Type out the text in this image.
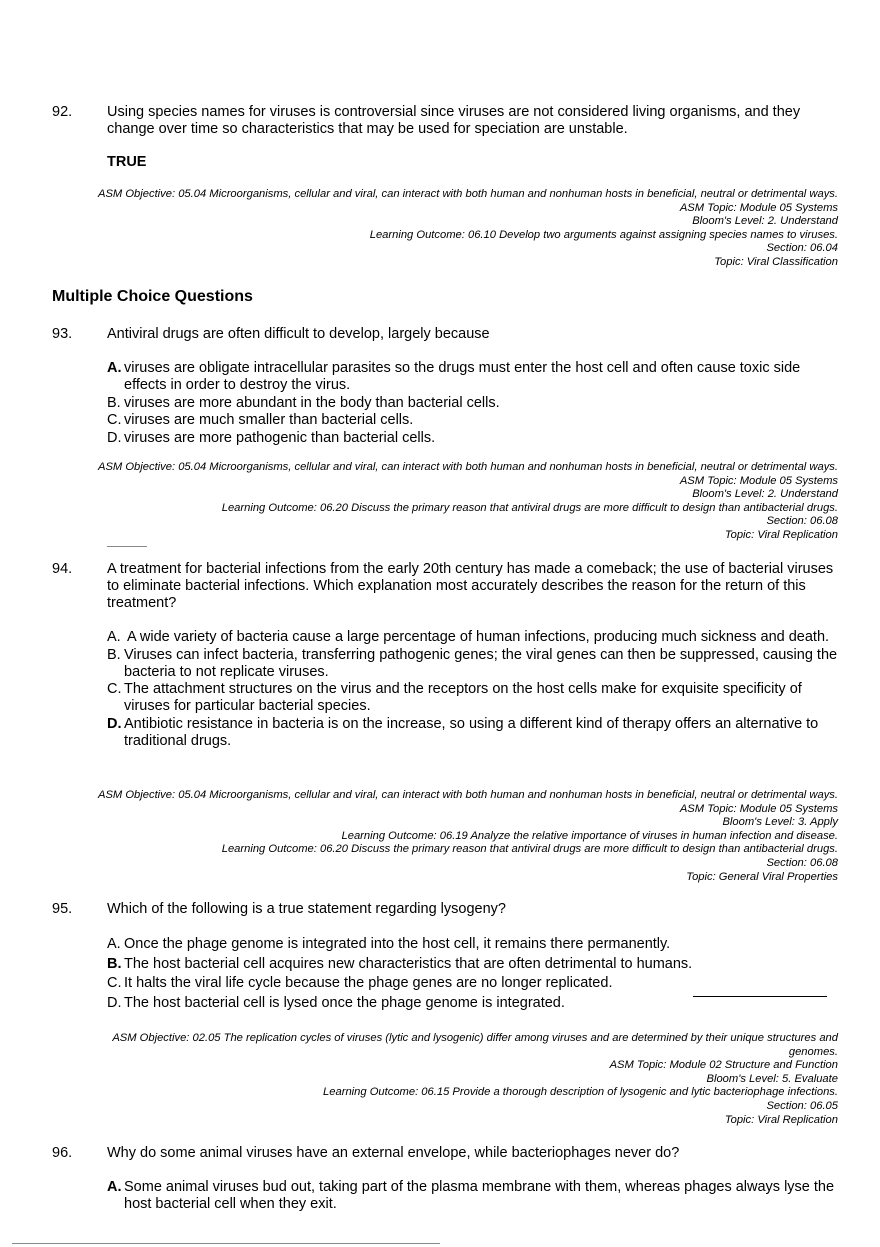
92. Using species names for viruses is controversial since viruses are not considered living organisms, and they change over time so characteristics that may be used for speciation are unstable.
TRUE
ASM Objective: 05.04 Microorganisms, cellular and viral, can interact with both human and nonhuman hosts in beneficial, neutral or detrimental ways.
ASM Topic: Module 05 Systems
Bloom's Level: 2. Understand
Learning Outcome: 06.10 Develop two arguments against assigning species names to viruses.
Section: 06.04
Topic: Viral Classification
Multiple Choice Questions
93. Antiviral drugs are often difficult to develop, largely because
A. viruses are obligate intracellular parasites so the drugs must enter the host cell and often cause toxic side effects in order to destroy the virus.
B. viruses are more abundant in the body than bacterial cells.
C. viruses are much smaller than bacterial cells.
D. viruses are more pathogenic than bacterial cells.
ASM Objective: 05.04 Microorganisms, cellular and viral, can interact with both human and nonhuman hosts in beneficial, neutral or detrimental ways.
ASM Topic: Module 05 Systems
Bloom's Level: 2. Understand
Learning Outcome: 06.20 Discuss the primary reason that antiviral drugs are more difficult to design than antibacterial drugs.
Section: 06.08
Topic: Viral Replication
94. A treatment for bacterial infections from the early 20th century has made a comeback; the use of bacterial viruses to eliminate bacterial infections. Which explanation most accurately describes the reason for the return of this treatment?
A. A wide variety of bacteria cause a large percentage of human infections, producing much sickness and death.
B. Viruses can infect bacteria, transferring pathogenic genes; the viral genes can then be suppressed, causing the bacteria to not replicate viruses.
C. The attachment structures on the virus and the receptors on the host cells make for exquisite specificity of viruses for particular bacterial species.
D. Antibiotic resistance in bacteria is on the increase, so using a different kind of therapy offers an alternative to traditional drugs.
ASM Objective: 05.04 Microorganisms, cellular and viral, can interact with both human and nonhuman hosts in beneficial, neutral or detrimental ways.
ASM Topic: Module 05 Systems
Bloom's Level: 3. Apply
Learning Outcome: 06.19 Analyze the relative importance of viruses in human infection and disease.
Learning Outcome: 06.20 Discuss the primary reason that antiviral drugs are more difficult to design than antibacterial drugs.
Section: 06.08
Topic: General Viral Properties
95. Which of the following is a true statement regarding lysogeny?
A. Once the phage genome is integrated into the host cell, it remains there permanently.
B. The host bacterial cell acquires new characteristics that are often detrimental to humans.
C. It halts the viral life cycle because the phage genes are no longer replicated.
D. The host bacterial cell is lysed once the phage genome is integrated.
ASM Objective: 02.05 The replication cycles of viruses (lytic and lysogenic) differ among viruses and are determined by their unique structures and genomes.
ASM Topic: Module 02 Structure and Function
Bloom's Level: 5. Evaluate
Learning Outcome: 06.15 Provide a thorough description of lysogenic and lytic bacteriophage infections.
Section: 06.05
Topic: Viral Replication
96. Why do some animal viruses have an external envelope, while bacteriophages never do?
A. Some animal viruses bud out, taking part of the plasma membrane with them, whereas phages always lyse the host bacterial cell when they exit.
